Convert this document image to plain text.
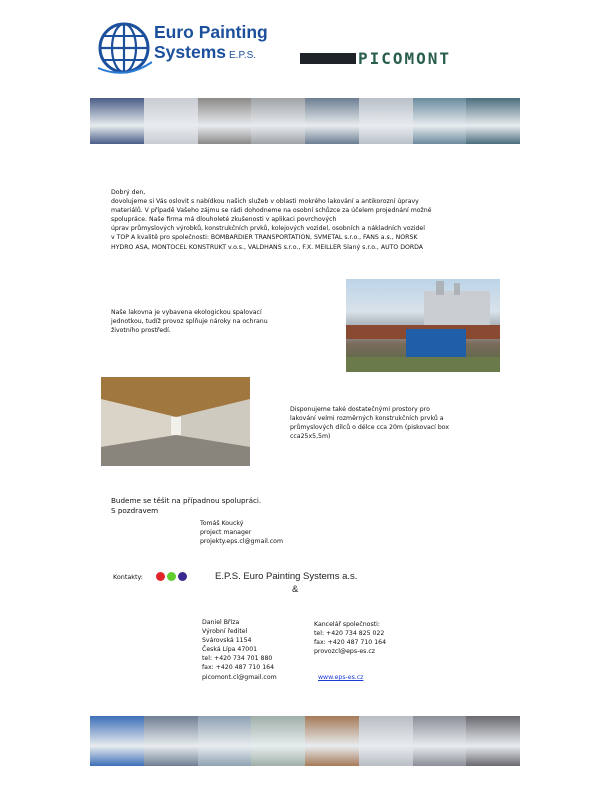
Euro Painting
Systems E.P.S.	PICOMONT
Dobrý den,
dovolujeme si Vás oslovit s nabídkou našich služeb v oblasti mokrého lakování a antikorozní úpravy
materiálů. V případě Vašeho zájmu se rádi dohodneme na osobní schůzce za účelem projednání možné
spolupráce. Naše firma má dlouholeté zkušenosti v aplikaci povrchových
úprav průmyslových výrobků, konstrukčních prvků, kolejových vozidel, osobních a nákladních vozidel
v TOP A kvalitě pro společnosti: BOMBARDIER TRANSPORTATION, SVMETAL s.r.o., FANS a.s., NORSK
HYDRO ASA, MONTOCEL KONSTRUKT v.o.s., VALDHANS s.r.o., F.X. MEILLER Slaný s.r.o., AUTO DORDA
Naše lakovna je vybavena ekologickou spalovací
jednotkou, tudíž provoz splňuje nároky na ochranu
životního prostředí.
Disponujeme také dostatečnými prostory pro
lakování velmi rozměrných konstrukčních prvků a
průmyslových dílců o délce cca 20m (piskovací box
cca25x5,5m)
Budeme se těšit na případnou spolupráci.
S pozdravem
Tomáš Koucký
project manager
projekty.eps.cl@gmail.com
Kontakty:	E.P.S. Euro Painting Systems a.s.
&
Daniel Bříza
Výrobní ředitel
Svárovská 1154
Česká Lípa 47001
tel: +420 734 701 880
fax: +420 487 710 164
picomont.cl@gmail.com
Kancelář společnosti:
tel: +420 734 825 022
fax: +420 487 710 164
provozcl@eps-es.cz
www.eps-es.cz
